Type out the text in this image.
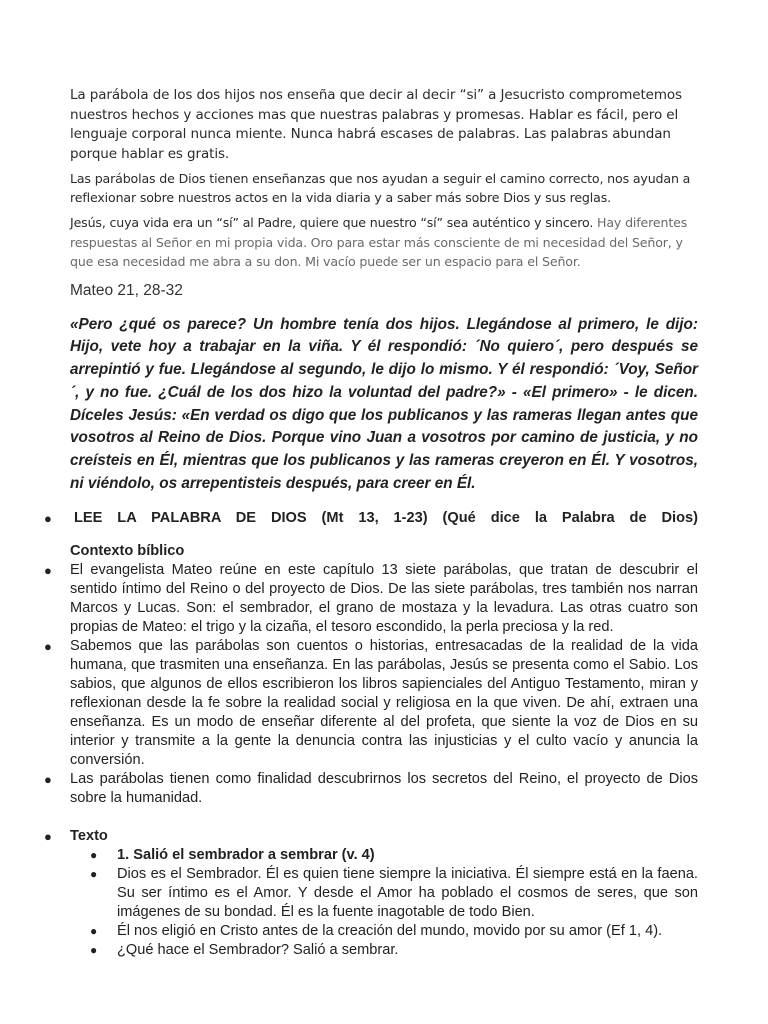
La parábola de los dos hijos nos enseña que decir al decir “si” a Jesucristo comprometemos nuestros hechos y acciones mas que nuestras palabras y promesas. Hablar es fácil, pero el lenguaje corporal nunca miente. Nunca habrá escases de palabras. Las palabras abundan porque hablar es gratis.

Las parábolas de Dios tienen enseñanzas que nos ayudan a seguir el camino correcto, nos ayudan a reflexionar sobre nuestros actos en la vida diaria y a saber más sobre Dios y sus reglas.

Jesús, cuya vida era un “sí” al Padre, quiere que nuestro “sí” sea auténtico y sincero. Hay diferentes respuestas al Señor en mi propia vida. Oro para estar más consciente de mi necesidad del Señor, y que esa necesidad me abra a su don. Mi vacío puede ser un espacio para el Señor.

Mateo 21, 28-32

«Pero ¿qué os parece? Un hombre tenía dos hijos. Llegándose al primero, le dijo: Hijo, vete hoy a trabajar en la viña. Y él respondió: ´No quiero´, pero después se arrepintió y fue. Llegándose al segundo, le dijo lo mismo. Y él respondió: ´Voy, Señor ´, y no fue. ¿Cuál de los dos hizo la voluntad del padre?» - «El primero» - le dicen. Díceles Jesús: «En verdad os digo que los publicanos y las rameras llegan antes que vosotros al Reino de Dios. Porque vino Juan a vosotros por camino de justicia, y no creísteis en Él, mientras que los publicanos y las rameras creyeron en Él. Y vosotros, ni viéndolo, os arrepentisteis después, para creer en Él.

● LEE LA PALABRA DE DIOS (Mt 13, 1-23) (Qué dice la Palabra de Dios)
Contexto bíblico
● El evangelista Mateo reúne en este capítulo 13 siete parábolas, que tratan de descubrir el sentido íntimo del Reino o del proyecto de Dios. De las siete parábolas, tres también nos narran Marcos y Lucas. Son: el sembrador, el grano de mostaza y la levadura. Las otras cuatro son propias de Mateo: el trigo y la cizaña, el tesoro escondido, la perla preciosa y la red.
● Sabemos que las parábolas son cuentos o historias, entresacadas de la realidad de la vida humana, que trasmiten una enseñanza. En las parábolas, Jesús se presenta como el Sabio. Los sabios, que algunos de ellos escribieron los libros sapienciales del Antiguo Testamento, miran y reflexionan desde la fe sobre la realidad social y religiosa en la que viven. De ahí, extraen una enseñanza. Es un modo de enseñar diferente al del profeta, que siente la voz de Dios en su interior y transmite a la gente la denuncia contra las injusticias y el culto vacío y anuncia la conversión.
● Las parábolas tienen como finalidad descubrirnos los secretos del Reino, el proyecto de Dios sobre la humanidad.
● Texto
● 1. Salió el sembrador a sembrar (v. 4)
● Dios es el Sembrador. Él es quien tiene siempre la iniciativa. Él siempre está en la faena. Su ser íntimo es el Amor. Y desde el Amor ha poblado el cosmos de seres, que son imágenes de su bondad. Él es la fuente inagotable de todo Bien.
● Él nos eligió en Cristo antes de la creación del mundo, movido por su amor (Ef 1, 4).
● ¿Qué hace el Sembrador? Salió a sembrar.
